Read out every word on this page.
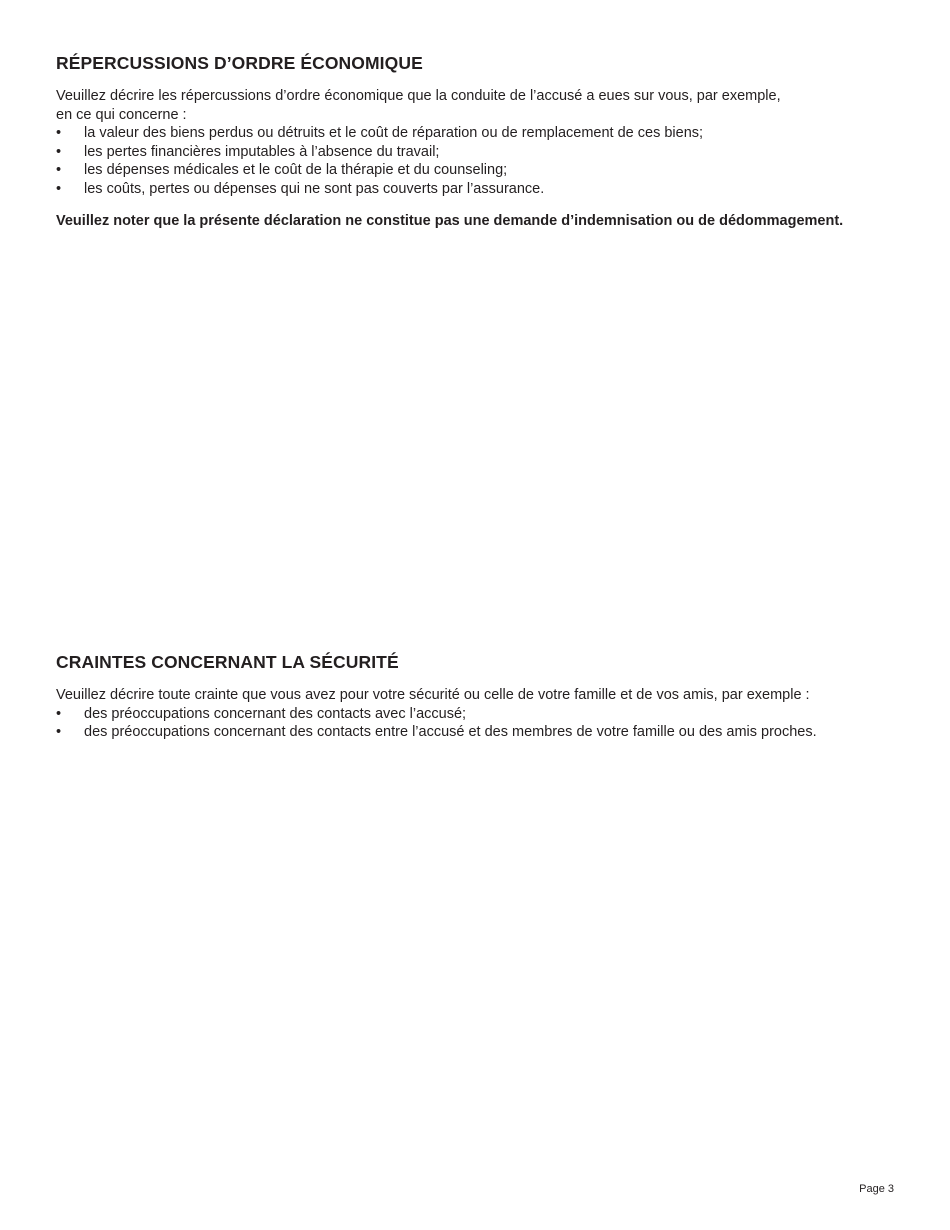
RÉPERCUSSIONS D’ORDRE ÉCONOMIQUE

Veuillez décrire les répercussions d’ordre économique que la conduite de l’accusé a eues sur vous, par exemple,
en ce qui concerne :

•	la valeur des biens perdus ou détruits et le coût de réparation ou de remplacement de ces biens;
•	les pertes financières imputables à l’absence du travail;
•	les dépenses médicales et le coût de la thérapie et du counseling;
•	les coûts, pertes ou dépenses qui ne sont pas couverts par l’assurance.

Veuillez noter que la présente déclaration ne constitue pas une demande d’indemnisation ou de dédommagement.

CRAINTES CONCERNANT LA SÉCURITÉ

Veuillez décrire toute crainte que vous avez pour votre sécurité ou celle de votre famille et de vos amis, par exemple :

•	des préoccupations concernant des contacts avec l’accusé;
•	des préoccupations concernant des contacts entre l’accusé et des membres de votre famille ou des amis proches.
Page 3
